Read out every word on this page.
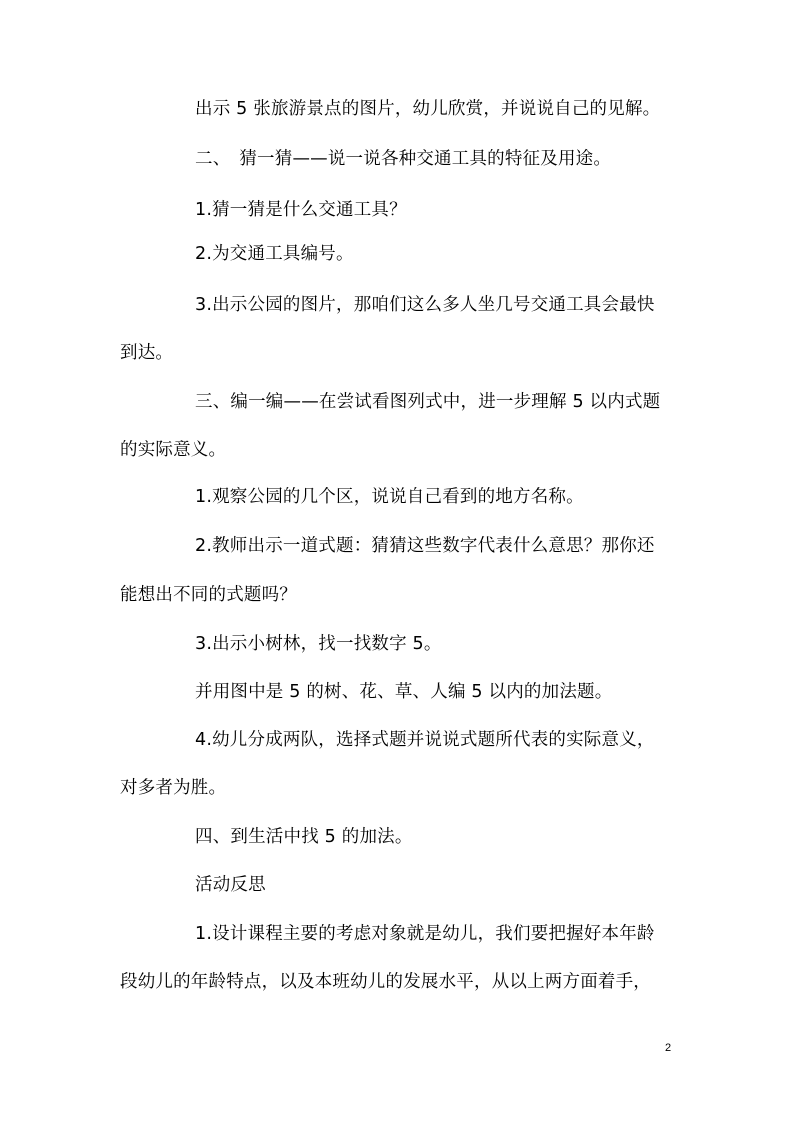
出示 5 张旅游景点的图片，幼儿欣赏，并说说自己的见解。
二、　猜一猜——说一说各种交通工具的特征及用途。
1.猜一猜是什么交通工具？
2.为交通工具编号。
3.出示公园的图片，那咱们这么多人坐几号交通工具会最快
到达。
三、编一编——在尝试看图列式中，进一步理解 5 以内式题
的实际意义。
1.观察公园的几个区，说说自己看到的地方名称。
2.教师出示一道式题：猜猜这些数字代表什么意思？那你还
能想出不同的式题吗？
3.出示小树林，找一找数字 5。
并用图中是 5 的树、花、草、人编 5 以内的加法题。
4.幼儿分成两队，选择式题并说说式题所代表的实际意义，
对多者为胜。
四、到生活中找 5 的加法。
活动反思
1.设计课程主要的考虑对象就是幼儿，我们要把握好本年龄
段幼儿的年龄特点，以及本班幼儿的发展水平，从以上两方面着手，
2
